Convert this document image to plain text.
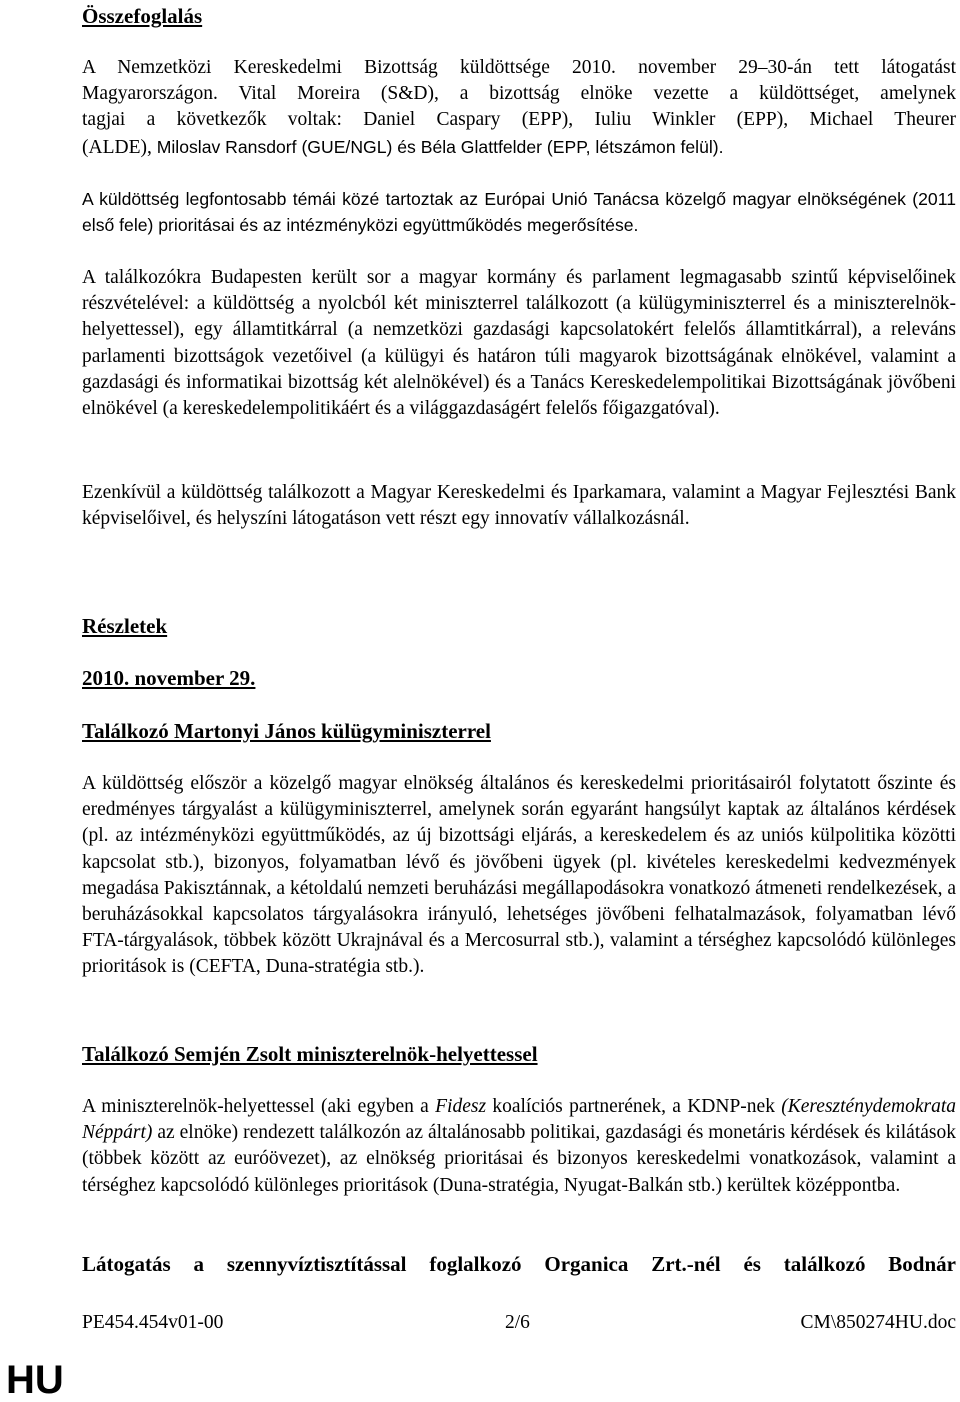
Összefoglalás
A Nemzetközi Kereskedelmi Bizottság küldöttsége 2010. november 29–30-án tett látogatást
Magyarországon. Vital Moreira (S&D), a bizottság elnöke vezette a küldöttséget, amelynek
tagjai a következők voltak: Daniel Caspary (EPP), Iuliu Winkler (EPP), Michael Theurer
(ALDE), Miloslav Ransdorf (GUE/NGL) és Béla Glattfelder (EPP, létszámon felül).
A küldöttség legfontosabb témái közé tartoztak az Európai Unió Tanácsa közelgő magyar elnökségének (2011 első fele) prioritásai és az intézményközi együttműködés megerősítése.
A találkozókra Budapesten került sor a magyar kormány és parlament legmagasabb szintű képviselőinek részvételével: a küldöttség a nyolcból két miniszterrel találkozott (a külügyminiszterrel és a miniszterelnök-helyettessel), egy államtitkárral (a nemzetközi gazdasági kapcsolatokért felelős államtitkárral), a releváns parlamenti bizottságok vezetőivel (a külügyi és határon túli magyarok bizottságának elnökével, valamint a gazdasági és informatikai bizottság két alelnökével) és a Tanács Kereskedelempolitikai Bizottságának jövőbeni elnökével (a kereskedelempolitikáért és a világgazdaságért felelős főigazgatóval).
Ezenkívül a küldöttség találkozott a Magyar Kereskedelmi és Iparkamara, valamint a Magyar Fejlesztési Bank képviselőivel, és helyszíni látogatáson vett részt egy innovatív vállalkozásnál.
Részletek
2010. november 29.
Találkozó Martonyi János külügyminiszterrel
A küldöttség először a közelgő magyar elnökség általános és kereskedelmi prioritásairól folytatott őszinte és eredményes tárgyalást a külügyminiszterrel, amelynek során egyaránt hangsúlyt kaptak az általános kérdések (pl. az intézményközi együttműködés, az új bizottsági eljárás, a kereskedelem és az uniós külpolitika közötti kapcsolat stb.), bizonyos, folyamatban lévő és jövőbeni ügyek (pl. kivételes kereskedelmi kedvezmények megadása Pakisztánnak, a kétoldalú nemzeti beruházási megállapodásokra vonatkozó átmeneti rendelkezések, a beruházásokkal kapcsolatos tárgyalásokra irányuló, lehetséges jövőbeni felhatalmazások, folyamatban lévő FTA-tárgyalások, többek között Ukrajnával és a Mercosurral stb.), valamint a térséghez kapcsolódó különleges prioritások is (CEFTA, Duna-stratégia stb.).
Találkozó Semjén Zsolt miniszterelnök-helyettessel
A miniszterelnök-helyettessel (aki egyben a Fidesz koalíciós partnerének, a KDNP-nek (Kereszténydemokrata Néppárt) az elnöke) rendezett találkozón az általánosabb politikai, gazdasági és monetáris kérdések és kilátások (többek között az euróövezet), az elnökség prioritásai és bizonyos kereskedelmi vonatkozások, valamint a térséghez kapcsolódó különleges prioritások (Duna-stratégia, Nyugat-Balkán stb.) kerültek középpontba.
Látogatás a szennyvíztisztítással foglalkozó Organica Zrt.-nél és találkozó Bodnár
PE454.454v01-00	2/6	CM\850274HU.doc
HU
